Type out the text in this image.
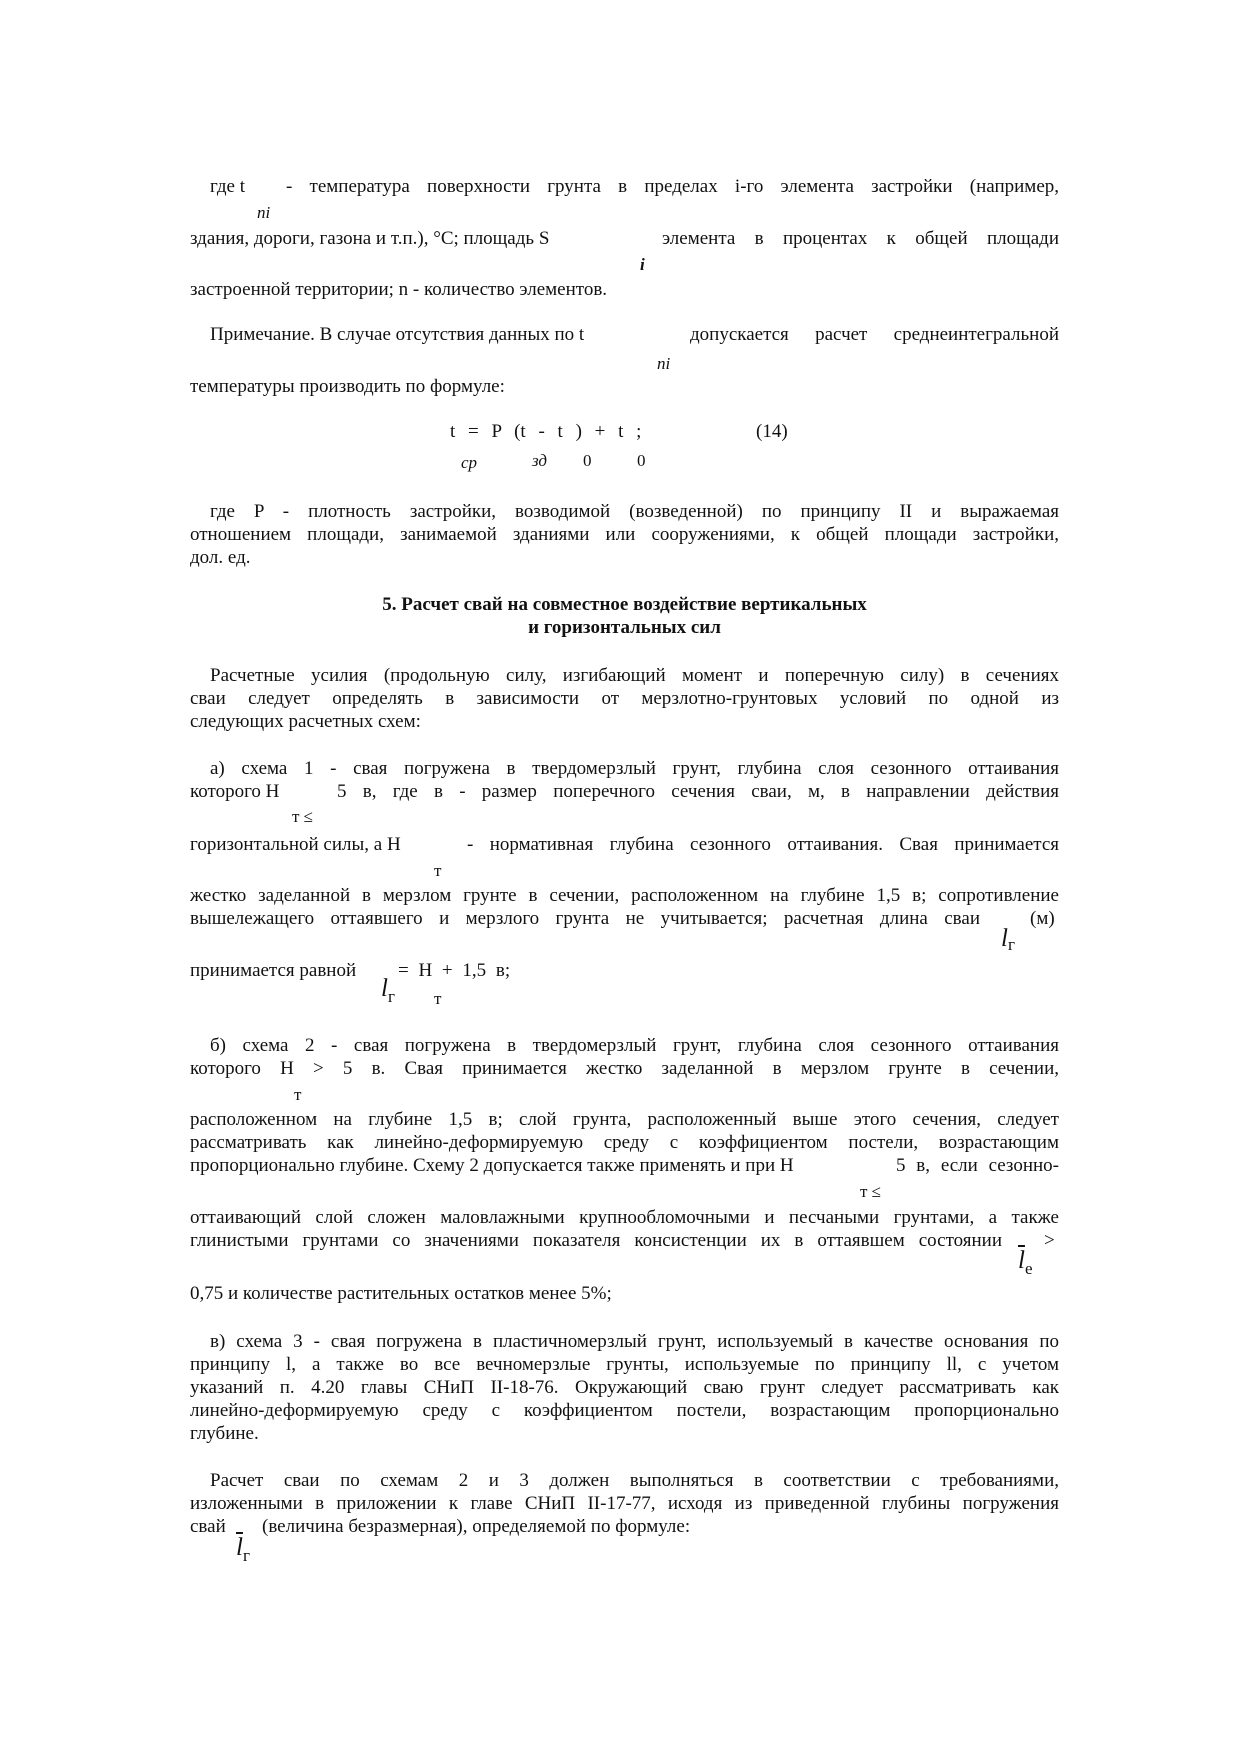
где t - температура поверхности грунта в пределах i-го элемента застройки (например,
ni
здания, дороги, газона и т.п.), °С; площадь S	элемента в процентах к общей площади
i
застроенной территории; n - количество элементов.
Примечание. В случае отсутствия данных по t	допускается расчет среднеинтегральной
ni
температуры производить по формуле:
t = P (t - t ) + t ;	(14)
ср	зд 0	0
где P - плотность застройки, возводимой (возведенной) по принципу II и выражаемая
отношением площади, занимаемой зданиями или сооружениями, к общей площади застройки,
дол. ед.
5. Расчет свай на совместное воздействие вертикальных
и горизонтальных сил
Расчетные усилия (продольную силу, изгибающий момент и поперечную силу) в сечениях
сваи следует определять в зависимости от мерзлотно-грунтовых условий по одной из
следующих расчетных схем:
а) схема 1 - свая погружена в твердомерзлый грунт, глубина слоя сезонного оттаивания
которого H	5 в, где в - размер поперечного сечения сваи, м, в направлении действия
т ≤
горизонтальной силы, а H	- нормативная глубина сезонного оттаивания. Свая принимается
т
жестко заделанной в мерзлом грунте в сечении, расположенном на глубине 1,5 в; сопротивление
вышележащего оттаявшего и мерзлого грунта не учитывается; расчетная длина сваи	(м)
l г
принимается равной = H + 1,5 в;
l г т
б) схема 2 - свая погружена в твердомерзлый грунт, глубина слоя сезонного оттаивания
которого H > 5 в. Свая принимается жестко заделанной в мерзлом грунте в сечении,
т
расположенном на глубине 1,5 в; слой грунта, расположенный выше этого сечения, следует
рассматривать как линейно-деформируемую среду с коэффициентом постели, возрастающим
пропорционально глубине. Схему 2 допускается также применять и при H	5 в, если сезонно-
т ≤
оттаивающий слой сложен маловлажными крупнообломочными и песчаными грунтами, а также
глинистыми грунтами со значениями показателя консистенции их в оттаявшем состоянии >
$\overline{l}$ e
0,75 и количестве растительных остатков менее 5%;
в) схема 3 - свая погружена в пластичномерзлый грунт, используемый в качестве основания по
принципу l, а также во все вечномерзлые грунты, используемые по принципу ll, с учетом
указаний п. 4.20 главы СНиП II-18-76. Окружающий сваю грунт следует рассматривать как
линейно-деформируемую среду с коэффициентом постели, возрастающим пропорционально
глубине.
Расчет сваи по схемам 2 и 3 должен выполняться в соответствии с требованиями,
изложенными в приложении к главе СНиП II-17-77, исходя из приведенной глубины погружения
свай (величина безразмерная), определяемой по формуле:
$\overline{l}$ г
